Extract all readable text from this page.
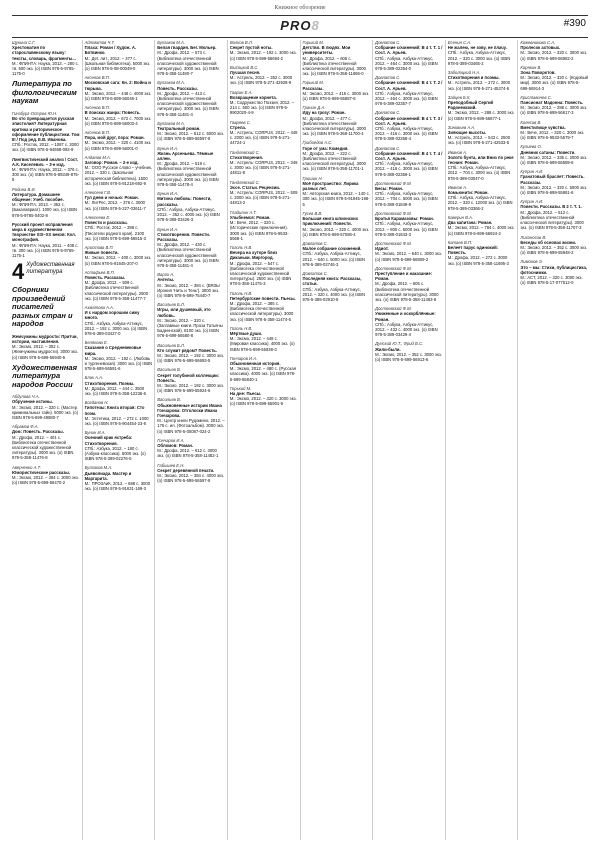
Книжное обозрение
PRO8	#390
Щукина С.Г.
Хрестоматия по старославянскому языку: тексты, словарь, фрагменты...
М.: ФЛИНТА: Наука, 2013. – 280 с. тв. 500 экз. (о) ISBN 978-5-9765-1175-0
Литература по филологическим наукам
Гинзбург-Остров Ю.Н.
Во что превращается русская эпистолия? Литературная критика и риторическое оформление публицистики. Том III / Под ред. Е.В. Иванова.
СПб.: Росток, 2012. – 1087 с. 2000 экз. (о) ISBN 978-5-94668-092-9
Лингвистический анализ / Сост. А.К. Киселевич. – 3-е изд.
М.: ФЛИНТА: Наука, 2012. – 376 с. 300 экз. (о) ISBN 978-5-89349-875-8
Родина В.И.
Литература. Домашнее общение: Учеб. пособие.
М.: ФЛИНТА, 2013. – 352 с. (Бакалавриат). 1000 экз. (о) ISBN 978-5-9765-0402-8
Русский проект исправления мира в художественном творчестве XIX–XX веков: Кол. монография.
М.: ФЛИНТА: Наука, 2011. – 408 с. тв. 300 экз. (о) ISBN 978-5-9765-1175-1
4 Художественная литература
Сборники произведений писателей разных стран и народов
Жемчужины мудрости: Притчи, истории, наставления.
М.: Эксмо, 2012. – 352 с. (Жемчужины мудрости). 3000 экз. (о) ISBN 978-5-699-56940-5
Художественная литература народов России
Абдулова Ч.А.
Обручение истины.
М.: Эксмо, 2012. – 320 с. (Мастер криминальных тайн). 5000 экз. (о) ISBN 978-5-699-49880-7
Абрамов Ф.А.
Дом: Повесть. Рассказы.
М.: Дрофа, 2012. – 401 с. (Библиотека отечественной классической художественной литературы). 3000 экз. (о) ISBN 978-5-358-11476-8
Аверченко А.Т.
Юмористические рассказы.
М.: Эксмо, 2012. – 384 с. 3000 экз. (о) ISBN 978-5-699-56470-2
Айтматов Ч.Т.
Плаха: Роман / Худож. А. Ботвинко.
М.: Дет. лит., 2012. – 377 с. (Школьная библиотека). 5000 экз. (о) ISBN 978-5-08-00049-0
Аксенов В.П.
Московская сага: Кн. 2: Война и тюрьма.
М.: Эксмо, 2012. – 448 с. 4000 экз. (о) ISBN 978-5-699-56046-1
Аксенов В.П.
В поисках жанра: Повесть.
М.: Эксмо, 2012. – 672 с. 7000 экз. (о) ISBN 978-5-699-56003-4
Аксенов В.П.
Пора, мой друг, пора: Роман.
М.: Эксмо, 2012. – 320 с. 4100 экз. (о) ISBN 978-5-699-56001-0
Алданов М.А.
Заговор: Роман. – 2-е изд.
М.: ООО Русское слово – учебник, 2012. – 320 с. (Школьная историческая библиотека). 1500 экз. (о) ISBN 978-5-91218-692-9
Алексеев Г.В.
Гул днем и ночью: Роман.
М.: ЛитРес, 2012. – 376 с. 3000 экз. (о) ISBN 978-5-227-03611-7
Алексеева Е.
Повести и рассказы.
СПб.: Росток, 2012. – 288 с. (Писатели родного края). 2100 экз. (о) ISBN 978-5-699-59815-3
Аристова В.П.
Живые повести.
М.: Эксмо, 2012. – 400 с. 3000 экз. (о) ISBN 978-5-91645-207-0
Астафьев В.П.
Повесть. Рассказы.
М.: Дрофа, 2012. – 509 с. (Библиотека отечественной классической литературы). 2500 экз. (о) ISBN 978-5-358-11477-7
Ахматова А.А.
И с нардом хорошим сижу много.
СПб.: Азбука, Азбука-Аттикус, 2012. – 192 с. 3000 экз. (о) ISBN 978-5-389-03427-0
Белякова Е.
Сказания о Средневековье мира.
М.: Эксмо, 2012. – 192 с. (Любовь и тургеневская). 3000 экз. (о) ISBN 978-5-699-56591-6
Блок А.А.
Стихотворения. Поэмы.
М.: Дрофа, 2012. – 444 с. 3500 экз. (о) ISBN 978-5-358-12236-6
Богданов Н.
Гипотезы: Книга вторая: Сто поэм.
М.: Эстетика, 2012. – 272 с. 1000 экз. (о) ISBN 978-5-904454-23-8
Бунин И.А.
Осенний крик ястреба: Стихотворения.
СПб.: Азбука, 2012. – 180 с. (Азбука-классика). 5000 экз. (о) ISBN 978-5-389-02276-5
Булгаков М.А.
Дьяволиада. Мастер и Маргарита.
М.: ПРОЗАиК, 2012. – 688 с. 3000 экз. (о) ISBN 978-5-91631-169-3
Булгаков М.А.
Белая гвардия. Бег. Мольер.
М.: Дрофа, 2012. – 573 с. (Библиотека отечественной классической художественной литературы). 3000 экз. (о) ISBN 978-5-358-11480-7
Булгаков М.А.
Повесть. Рассказы.
М.: Дрофа, 2012. – 413 с. (Библиотека отечественной классической художественной литературы). 3000 экз. (о) ISBN 978-5-358-11481-4
Булгаков М.А.
Театральный роман.
М.: Эксмо, 2012. – 512 с. 5000 экз. (о) ISBN 978-5-699-56597-8
Бунин И.А.
Жизнь Арсеньева. Тёмные аллеи.
М.: Дрофа, 2012. – 519 с. (Библиотека отечественной классической художественной литературы). 3000 экз. (о) ISBN 978-5-358-11478-4
Бунин И.А.
Митина любовь: Повести, рассказы.
СПб.: Азбука, Азбука-Аттикус, 2012. – 352 с. 4000 экз. (о) ISBN 978-5-389-03426-3
Бунин И.А.
Стихотворения. Повести. Рассказы.
М.: Дрофа, 2012. – 430 с. (Библиотека отечественной классической художественной литературы). 3000 экз. (о) ISBN 978-5-358-11481-4
Варго А.
Ангелы.
М.: Эксмо, 2012. – 384 с. (ВЯЗЬ! Ирония 'Нить и Тень'). 3000 экз. (о) ISBN 978-5-699-75440-7
Васильев Б.Л.
Игры, или душевный, это любовь.
М.: Эксмо, 2012. – 320 с. (Заглавные книги. Проза Татьяны Баденнской). 8100 экз. (о) ISBN 978-5-699-56580-8
Васильев Б.Л.
Кто служит рядом? Повесть.
М.: Эксмо, 2012. – 192 с. 3000 экз. (о) ISBN 978-5-699-56693-5
Васильев В.
Секрет голубиной коллекции: Повесть.
М.: Эксмо, 2012. – 192 с. 3000 экз. (о) ISBN 978-5-699-55924-6
Васильев В.
Обыкновенные истории Ивана Гончарова: Отголоски Ивана Гончарова.
М.: Центр книги Рудомино, 2012. – 176 с. ил. (Фотоальбом). 3000 экз. (о) ISBN 978-5-00087-024-2
Гончаров И.А.
Обломов: Роман.
М.: Дрофа, 2012. – 612 с. 3000 экз. (о) ISBN 978-5-358-11482-1
Габышев Е.Н.
Секрет деревянной печати.
М.: Эксмо, 2012. – 384 с. 4000 экз. (о) ISBN 978-5-699-56597-8
Волков В.Л.
Секрет пустой ноты.
М.: Эксмо, 2012. – 192 с. 3000 экз. (о) ISBN 978-5-699-56694-2
Высоцкий В.С.
Лучшая песня.
М.: Астрель, 2012. – 352 с. 3000 экз. (о) ISBN 978-5-271-42928-9
Гаврин Е.А.
Возвращение корнета.
М.: Содружество Поэзия, 2012. – 214 с. 500 экз. (о) ISBN 978-5-9902020-4-9
Гавряев С.
Стрела.
М.: Астрель: CORPUS, 2012. – 448 с. 2000 экз. (о) ISBN 978-5-271-44724-1
Гандлевский С.
Стихотворения.
М.: Астрель: CORPUS, 2012. – 349 с. 3000 экз. (о) ISBN 978-5-271-44811-8
Гандлевский С.
Эссе. Статьи. Рецензии.
М.: Астрель: CORPUS, 2012. – 509 с. 2000 экз. (о) ISBN 978-5-271-44813-2
Гладилин А.Т.
Улыбнемся: Роман.
М.: Вече, 2012. – 320 с. (Исторические приключения). 3000 экз. (о) ISBN 978-5-9533-5568-1
Гоголь Н.В.
Вечера на хуторе близ Диканьки. Миргород.
М.: Дрофа, 2012. – 547 с. (Библиотека отечественной классической художественной литературы). 2500 экз. (о) ISBN 978-5-358-11475-3
Гоголь Н.В.
Петербургские повести. Пьесы.
М.: Дрофа, 2012. – 385 с. (Библиотека отечественной классической литературы). 3000 экз. (о) ISBN 978-5-358-11474-6
Гоголь Н.В.
Мёртвые души.
М.: Эксмо, 2012. – 448 с. (Мировая классика). 4000 экз. (о) ISBN 978-5-699-55938-3
Гончаров И.А.
Обыкновенная история.
М.: Эксмо, 2012. – 480 с. (Русская классика). 4000 экз. (о) ISBN 978-5-699-55840-1
Горький М.
На дне: Пьесы.
М.: Эксмо, 2012. – 320 с. 3000 экз. (о) ISBN 978-5-699-55901-9
Горький М.
Детство. В людях. Мои университеты.
М.: Дрофа, 2012. – 605 с. (Библиотека отечественной классической литературы). 3000 экз. (о) ISBN 978-5-358-11696-0
Горький М.
Рассказы.
М.: Эксмо, 2012. – 416 с. 3000 экз. (о) ISBN 978-5-699-55887-6
Гранин Д.А.
Иду на грозу: Роман.
М.: Дрофа, 2012. – 477 с. (Библиотека отечественной классической литературы). 3000 экз. (о) ISBN 978-5-358-11700-4
Грибоедов А.С.
Горе от ума: Комедия.
М.: Дрофа, 2012. – 222 с. (Библиотека отечественной классической литературы). 3000 экз. (о) ISBN 978-5-358-11701-1
Гришин Н.
Моё пространство: Лирика разных лет.
М.: Авторская книга, 2012. – 140 с. 300 экз. (о) ISBN 978-5-91945-198-5
Гусев В.В.
Большая книга шпионских приключений: Повести.
М.: Эксмо, 2012. – 320 с. 4000 экз. (о) ISBN 978-5-699-57086-4
Довлатов С.
Малое собрание сочинений.
СПб.: Азбука, Азбука-Аттикус, 2012. – 640 с. 5000 экз. (о) ISBN 978-5-389-02746-3
Довлатов С.
Последняя книга: Рассказы, статьи.
СПб.: Азбука, Азбука-Аттикус, 2012. – 320 с. 4000 экз. (о) ISBN 978-5-389-02910-8
Довлатов С.
Собрание сочинений: В 4 т. Т. 1 / Сост. А. Арьев.
СПб.: Азбука, Азбука-Аттикус, 2012. – 464 с. 3000 экз. (о) ISBN 978-5-389-02354-0
Довлатов С.
Собрание сочинений: В 4 т. Т. 2 / Сост. А. Арьев.
СПб.: Азбука, Азбука-Аттикус, 2012. – 464 с. 3000 экз. (о) ISBN 978-5-389-02357-7
Довлатов С.
Собрание сочинений: В 4 т. Т. 3 / Сост. А. Арьев.
СПб.: Азбука, Азбука-Аттикус, 2012. – 416 с. 3000 экз. (о) ISBN 978-5-389-02358-4
Довлатов С.
Собрание сочинений: В 4 т. Т. 4 / Сост. А. Арьев.
СПб.: Азбука, Азбука-Аттикус, 2012. – 416 с. 3000 экз. (о) ISBN 978-5-389-02359-1
Достоевский Ф.М.
Бесы: Роман.
СПб.: Азбука, Азбука-Аттикус, 2012. – 704 с. 5000 экз. (о) ISBN 978-5-389-01849-9
Достоевский Ф.М.
Братья Карамазовы: Роман.
СПб.: Азбука, Азбука-Аттикус, 2012. – 800 с. 5000 экз. (о) ISBN 978-5-389-01843-3
Достоевский Ф.М.
Идиот.
М.: Эксмо, 2012. – 640 с. 3000 экз. (о) ISBN 978-5-699-56809-2
Достоевский Ф.М.
Преступление и наказание: Роман.
М.: Дрофа, 2012. – 605 с. (Библиотека отечественной классической литературы). 3000 экз. (о) ISBN 978-5-358-11483-8
Достоевский Ф.М.
Униженные и оскорблённые: Роман.
СПб.: Азбука, Азбука-Аттикус, 2012. – 432 с. 4000 экз. (о) ISBN 978-5-389-03429-4
Дунский Ю.Т., Фрид В.С.
Жили-были.
М.: Эксмо, 2012. – 352 с. 3000 экз. (о) ISBN 978-5-699-56913-6
Есенин С.А.
Не жалею, не зову, не плачу.
СПб.: Азбука, Азбука-Аттикус, 2012. – 320 с. 3000 экз. (о) ISBN 978-5-389-03465-2
Заболоцкий Н.А.
Стихотворения и поэмы.
М.: Астрель, 2012. – 272 с. 3000 экз. (о) ISBN 978-5-271-45374-6
Зайцев Б.К.
Преподобный Сергий Радонежский.
М.: Эксмо, 2012. – 288 с. 3000 экз. (о) ISBN 978-5-699-56877-1
Зиновьев А.А.
Зияющие высоты.
М.: Астрель, 2012. – 543 с. 2500 экз. (о) ISBN 978-5-271-42533-5
Иванов А.
Золото бунта, или Вниз по реке теснин: Роман.
СПб.: Азбука, Азбука-Аттикус, 2012. – 704 с. 3000 экз. (о) ISBN 978-5-389-03047-0
Иванов А.
Комьюнити: Роман.
СПб.: Азбука, Азбука-Аттикус, 2012. – 320 с. 12000 экз. (о) ISBN 978-5-389-03366-2
Каверин В.А.
Два капитана: Роман.
М.: Эксмо, 2012. – 784 с. 4000 экз. (о) ISBN 978-5-699-56924-2
Катаев В.П.
Белеет парус одинокий: Повесть.
М.: Дрофа, 2012. – 272 с. 3000 экз. (о) ISBN 978-5-358-11695-3
Кожевникова С.А.
Пролесок ахтовых.
М.: Эксмо, 2012. – 320 с. 3000 экз. (о) ISBN 978-5-699-56982-2
Корякин В.
Зона Поворотов.
М.: Эксмо, 2012. – 320 с. (Кодовый мир). 3000 экз. (о) ISBN 978-5-699-56914-3
Криставичев С.
Пансионат Мадонна: Повесть.
М.: Эксмо, 2012. – 288 с. 3000 экз. (о) ISBN 978-5-699-56617-3
Колесов В.
Вместилище чувства.
М.: Вече, 2012. – 320 с. 3000 экз. (о) ISBN 978-5-9533-5579-7
Кулиева О.
Дневник сатаны: Повести.
М.: Эксмо, 2012. – 336 с. 2000 экз. (о) ISBN 978-5-699-56589-6
Куприн А.И.
Гранатовый браслет: Повесть. Рассказы.
М.: Эксмо, 2012. – 320 с. 5000 экз. (о) ISBN 978-5-699-55861-6
Куприн А.И.
Повести. Рассказы. В 2 т. Т. 1.
М.: Дрофа, 2012. – 512 с. (Библиотека отечественной классической литературы). 3000 экз. (о) ISBN 978-5-358-11707-3
Лихоносов В.
Беседы об основах жизни.
М.: Эксмо, 2012. – 352 с. 3000 экз. (о) ISBN 978-5-699-55948-2
Лимонов Э.
Это – мы: Стихи, публицистика, фотоснимки.
М.: АСТ, 2012. – 320 с. 3000 экз. (о) ISBN 978-5-17-077512-0
